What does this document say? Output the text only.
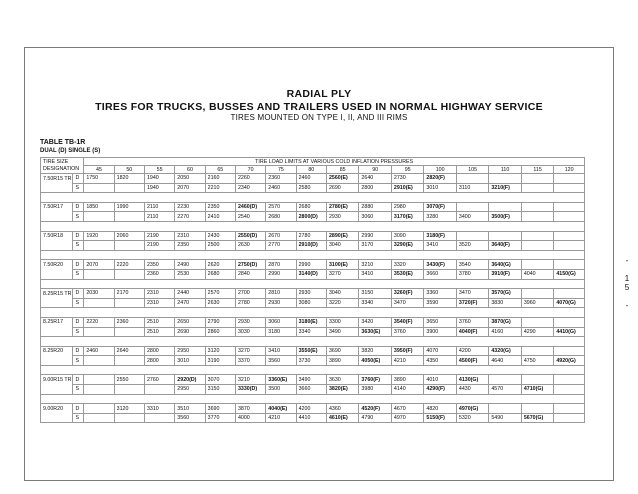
RADIAL PLY
TIRES FOR TRUCKS, BUSSES AND TRAILERS USED IN NORMAL HIGHWAY SERVICE
TIRES MOUNTED ON TYPE I, II, AND III RIMS
TABLE TB-1R
DUAL (D) SINGLE (S)
-

1
5

-
TIRE SIZE		TIRE LOAD LIMITS AT VARIOUS COLD INFLATION PRESSURES															
DESIGNATION		45	50	55	60	65	70	75	80	85	90	95	100	105	110	115	120
7.50R15 TR	D	1750	1820	1940	2050	2160	2260	2360	2460	2560(E)	2640	2730	2820(F)				
	S			1940	2070	2210	2340	2460	2580	2690	2800	2910(E)	3010	3110	3210(F)		

7.50R17	D	1850	1990	2110	2230	2350	2460(D)	2570	2680	2780(E)	2880	2980	3070(F)				
	S			2110	2270	2410	2540	2680	2800(D)	2930	3060	3170(E)	3280	3400	3500(F)		

7.50R18	D	1920	2060	2190	2310	2430	2550(D)	2670	2780	2890(E)	2990	3090	3180(F)				
	S			2190	2350	2500	2630	2770	2910(D)	3040	3170	3290(E)	3410	3520	3640(F)		

7.50R20	D	2070	2220	2350	2490	2620	2750(D)	2870	2990	3100(E)	3210	3320	3430(F)	3540	3640(G)		
	S			2360	2530	2680	2840	2990	3140(D)	3270	3410	3530(E)	3660	3780	3910(F)	4040	4150(G)

8.25R15 TR	D	2030	2170	2310	2440	2570	2700	2810	2930	3040	3150	3260(F)	3360	3470	3570(G)		
	S			2310	2470	2630	2780	2930	3080	3220	3340	3470	3590	3720(F)	3830	3960	4070(G)

8.25R17	D	2220	2360	2510	2650	2790	2930	3060	3180(E)	3300	3420	3540(F)	3650	3760	3870(G)		
	S			2510	2690	2860	3030	3180	3340	3490	3630(E)	3760	3900	4040(F)	4160	4290	4410(G)

8.25R20	D	2460	2640	2800	2950	3120	3270	3410	3550(E)	3690	3820	3950(F)	4070	4200	4320(G)		
	S			2800	3010	3190	3370	3560	3730	3890	4050(E)	4210	4350	4500(F)	4640	4750	4920(G)

9.00R15 TR	D		2550	2760	2920(D)	3070	3210	3360(E)	3490	3630	3760(F)	3890	4010	4130(G)			
	S				2950	3150	3330(D)	3500	3660	3820(E)	3980	4140	4290(F)	4430	4570	4710(G)	

9.00R20	D		3120	3310	3510	3690	3870	4040(E)	4200	4360	4520(F)	4670	4820	4970(G)			
	S				3560	3770	4000	4210	4410	4610(E)	4790	4970	5150(F)	5320	5490	5670(G)	
